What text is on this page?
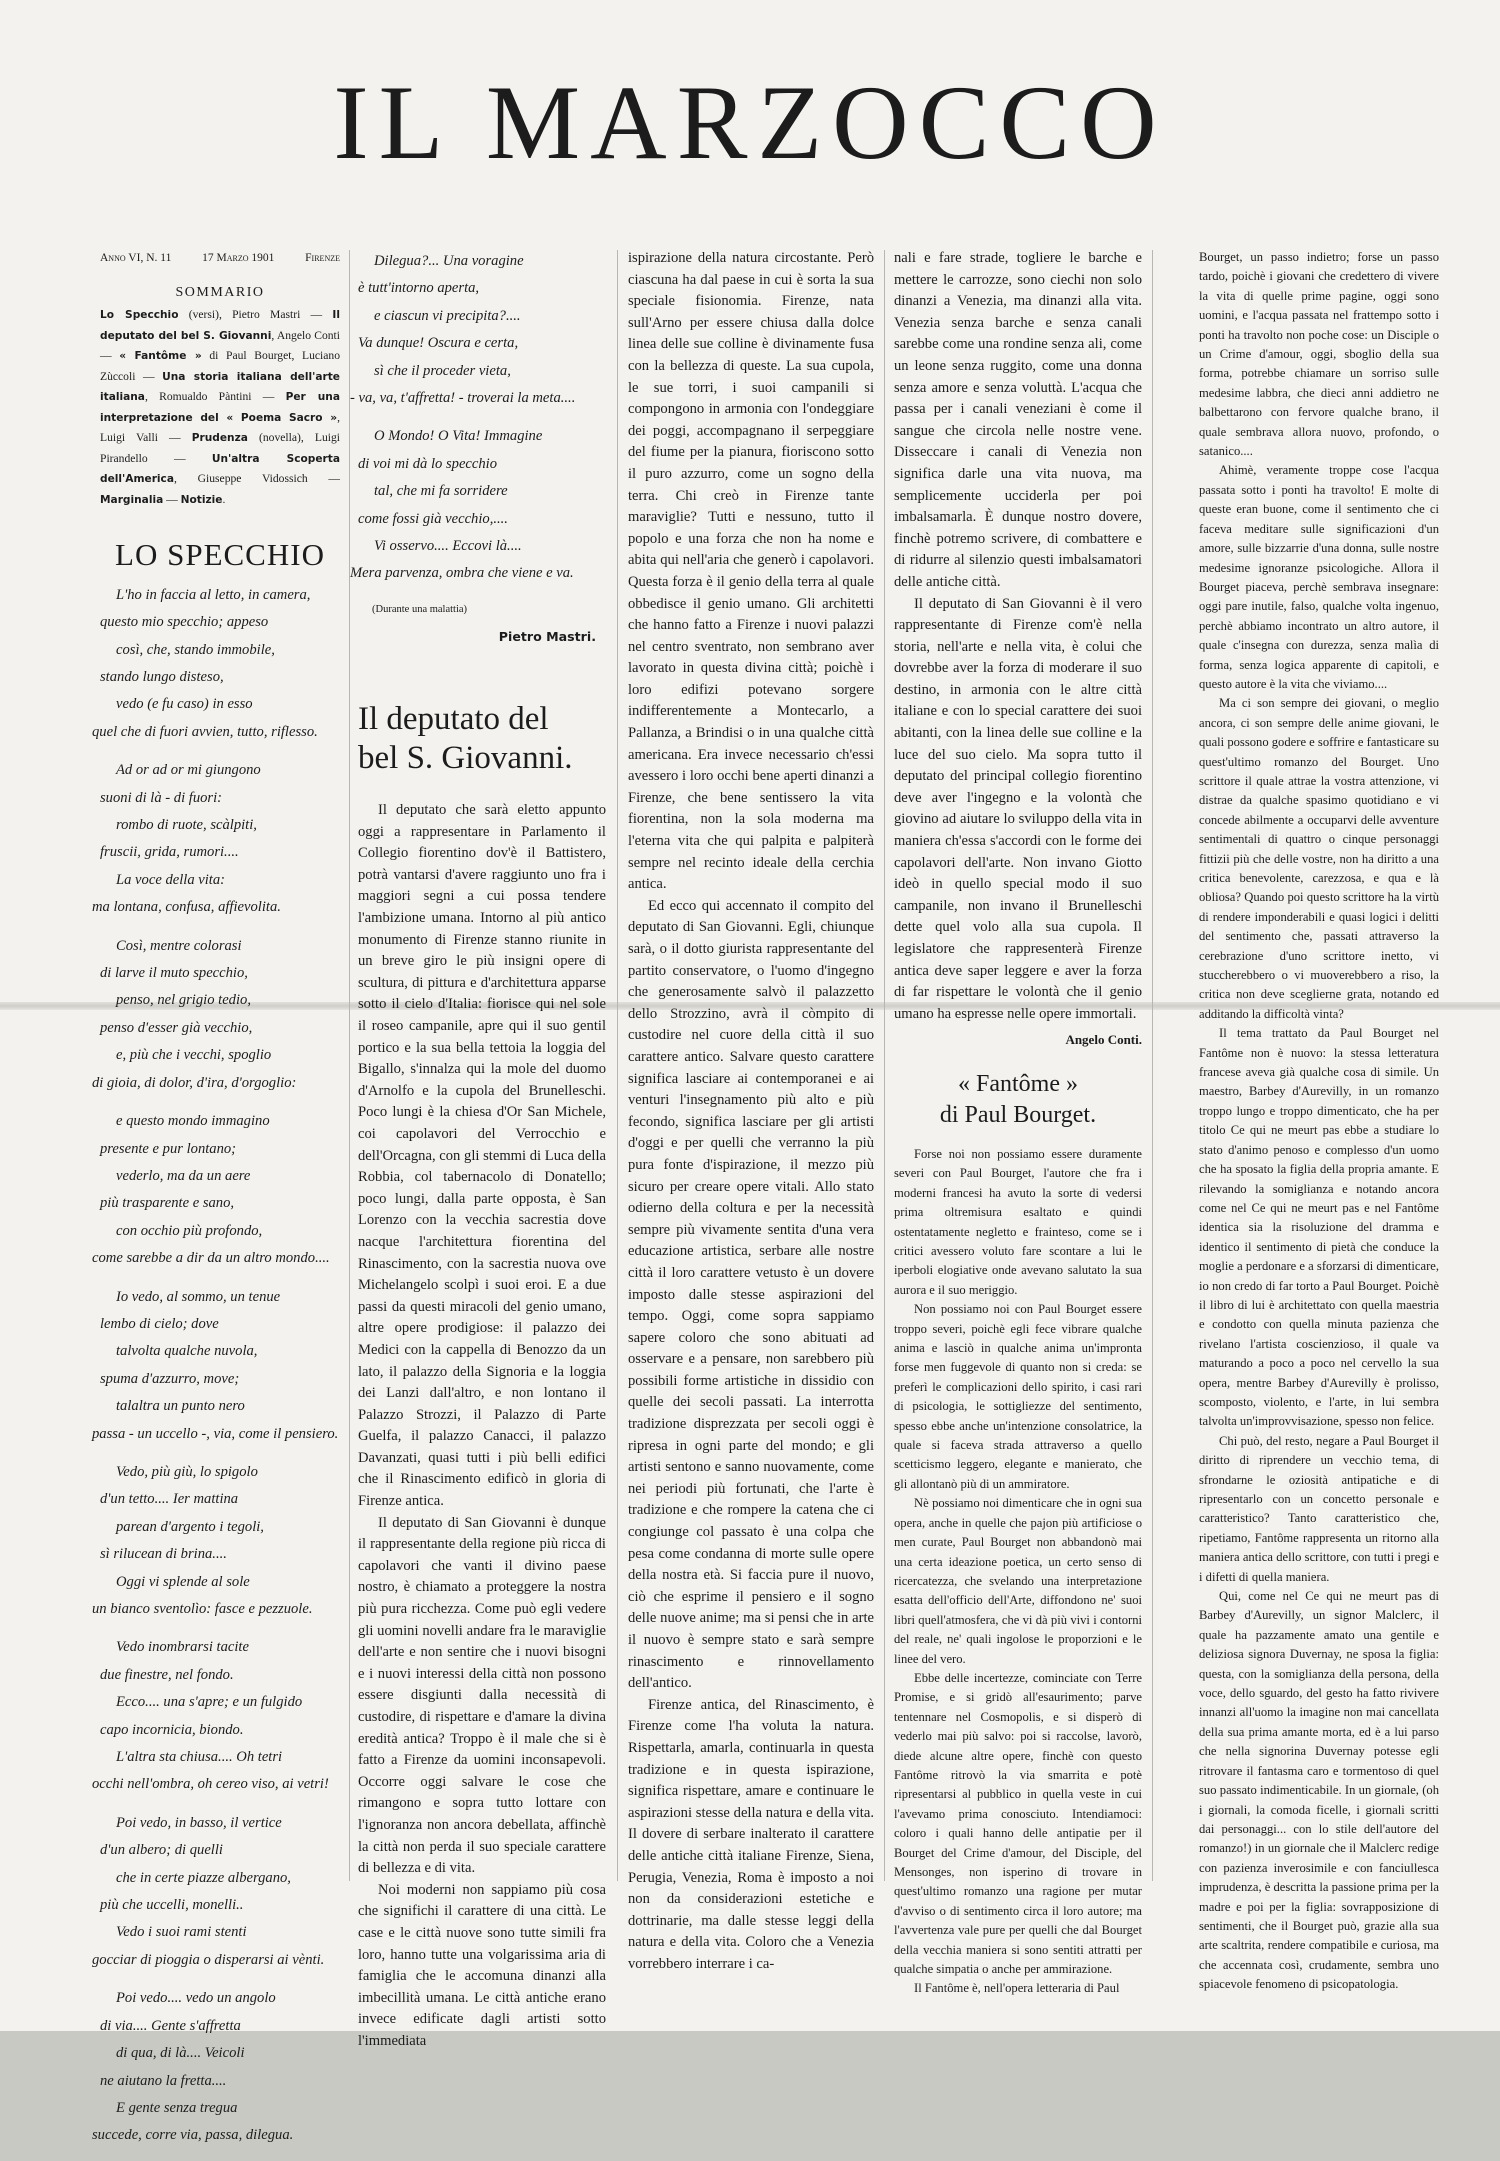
IL MARZOCCO
Anno VI, N. 11	17 Marzo 1901	Firenze
SOMMARIO
Lo Specchio (versi), Pietro Mastri — Il deputato del bel S. Giovanni, Angelo Conti — « Fantôme » di Paul Bourget, Luciano Zùccoli — Una storia italiana dell'arte italiana, Romualdo Pàntini — Per una interpretazione del « Poema Sacro », Luigi Valli — Prudenza (novella), Luigi Pirandello — Un'altra Scoperta dell'America, Giuseppe Vidossich — Marginalia — Notizie.
LO SPECCHIO
L'ho in faccia al letto, in camera,
questo mio specchio; appeso
così, che, stando immobile,
stando lungo disteso,
vedo (e fu caso) in esso
quel che di fuori avvien, tutto, riflesso.
Ad or ad or mi giungono
suoni di là - di fuori:
rombo di ruote, scàlpiti,
fruscii, grida, rumori....
La voce della vita:
ma lontana, confusa, affievolita.
Così, mentre colorasi
di larve il muto specchio,
penso, nel grigio tedio,
penso d'esser già vecchio,
e, più che i vecchi, spoglio
di gioia, di dolor, d'ira, d'orgoglio:
e questo mondo immagino
presente e pur lontano;
vederlo, ma da un aere
più trasparente e sano,
con occhio più profondo,
come sarebbe a dir da un altro mondo....
Io vedo, al sommo, un tenue
lembo di cielo; dove
talvolta qualche nuvola,
spuma d'azzurro, move;
talaltra un punto nero
passa - un uccello -, via, come il pensiero.
Vedo, più giù, lo spigolo
d'un tetto.... Ier mattina
parean d'argento i tegoli,
sì rilucean di brina....
Oggi vi splende al sole
un bianco sventolìo: fasce e pezzuole.
Vedo inombrarsi tacite
due finestre, nel fondo.
Ecco.... una s'apre; e un fulgido
capo incornicia, biondo.
L'altra sta chiusa.... Oh tetri
occhi nell'ombra, oh cereo viso, ai vetri!
Poi vedo, in basso, il vertice
d'un albero; di quelli
che in certe piazze albergano,
più che uccelli, monelli..
Vedo i suoi rami stenti
gocciar di pioggia o disperarsi ai vènti.
Poi vedo.... vedo un angolo
di via.... Gente s'affretta
di qua, di là.... Veicoli
ne aiutano la fretta....
E gente senza tregua
succede, corre via, passa, dilegua.
Dilegua?... Una voragine
è tutt'intorno aperta,
e ciascun vi precipita?....
Va dunque! Oscura e certa,
sì che il proceder vieta,
- va, va, t'affretta! - troverai la meta....
O Mondo! O Vita! Immagine
di voi mi dà lo specchio
tal, che mi fa sorridere
come fossi già vecchio,....
Vi osservo.... Eccovi là....
Mera parvenza, ombra che viene e va.
(Durante una malattia)
Pietro Mastri.
Il deputato del
bel S. Giovanni.

Il deputato che sarà eletto appunto oggi a rappresentare in Parlamento il Collegio fiorentino dov'è il Battistero, potrà vantarsi d'avere raggiunto uno fra i maggiori segni a cui possa tendere l'ambizione umana. Intorno al più antico monumento di Firenze stanno riunite in un breve giro le più insigni opere di scultura, di pittura e d'architettura apparse sotto il cielo d'Italia: fiorisce qui nel sole il roseo campanile, apre qui il suo gentil portico e la sua bella tettoia la loggia del Bigallo, s'innalza qui la mole del duomo d'Arnolfo e la cupola del Brunelleschi. Poco lungi è la chiesa d'Or San Michele, coi capolavori del Verrocchio e dell'Orcagna, con gli stemmi di Luca della Robbia, col tabernacolo di Donatello; poco lungi, dalla parte opposta, è San Lorenzo con la vecchia sacrestia dove nacque l'architettura fiorentina del Rinascimento, con la sacrestia nuova ove Michelangelo scolpì i suoi eroi. E a due passi da questi miracoli del genio umano, altre opere prodigiose: il palazzo dei Medici con la cappella di Benozzo da un lato, il palazzo della Signoria e la loggia dei Lanzi dall'altro, e non lontano il Palazzo Strozzi, il Palazzo di Parte Guelfa, il palazzo Canacci, il palazzo Davanzati, quasi tutti i più belli edifici che il Rinascimento edificò in gloria di Firenze antica.

Il deputato di San Giovanni è dunque il rappresentante della regione più ricca di capolavori che vanti il divino paese nostro, è chiamato a proteggere la nostra più pura ricchezza. Come può egli vedere gli uomini novelli andare fra le maraviglie dell'arte e non sentire che i nuovi bisogni e i nuovi interessi della città non possono essere disgiunti dalla necessità di custodire, di rispettare e d'amare la divina eredità antica? Troppo è il male che si è fatto a Firenze da uomini inconsapevoli. Occorre oggi salvare le cose che rimangono e sopra tutto lottare con l'ignoranza non ancora debellata, affinchè la città non perda il suo speciale carattere di bellezza e di vita.

Noi moderni non sappiamo più cosa che significhi il carattere di una città. Le case e le città nuove sono tutte simili fra loro, hanno tutte una volgarissima aria di famiglia che le accomuna dinanzi alla imbecillità umana. Le città antiche erano invece edificate dagli artisti sotto l'immediata

ispirazione della natura circostante. Però ciascuna ha dal paese in cui è sorta la sua speciale fisionomia. Firenze, nata sull'Arno per essere chiusa dalla dolce linea delle sue colline è divinamente fusa con la bellezza di queste. La sua cupola, le sue torri, i suoi campanili si compongono in armonia con l'ondeggiare dei poggi, accompagnano il serpeggiare del fiume per la pianura, fioriscono sotto il puro azzurro, come un sogno della terra. Chi creò in Firenze tante maraviglie? Tutti e nessuno, tutto il popolo e una forza che non ha nome e abita qui nell'aria che generò i capolavori. Questa forza è il genio della terra al quale obbediscе il genio umano. Gli architetti che hanno fatto a Firenze i nuovi palazzi nel centro sventrato, non sembrano aver lavorato in questa divina città; poichè i loro edifizi potevano sorgere indifferentemente a Montecarlo, a Pallanza, a Brindisi o in una qualche città americana. Era invece necessario ch'essi avessero i loro occhi bene aperti dinanzi a Firenze, che bene sentissero la vita fiorentina, non la sola moderna ma l'eterna vita che qui palpita e palpiterà sempre nel recinto ideale della cerchia antica.

Ed ecco qui accennato il compito del deputato di San Giovanni. Egli, chiunque sarà, o il dotto giurista rappresentante del partito conservatore, o l'uomo d'ingegno che generosamente salvò il palazzetto dello Strozzino, avrà il còmpito di custodire nel cuore della città il suo carattere antico. Salvare questo carattere significa lasciare ai contemporanei e ai venturi l'insegnamento più alto e più fecondo, significa lasciare per gli artisti d'oggi e per quelli che verranno la più pura fonte d'ispirazione, il mezzo più sicuro per creare opere vitali. Allo stato odierno della coltura e per la necessità sempre più vivamente sentita d'una vera educazione artistica, serbare alle nostre città il loro carattere vetusto è un dovere imposto dalle stesse aspirazioni del tempo. Oggi, come sopra sappiamo sapere coloro che sono abituati ad osservare e a pensare, non sarebbero più possibili forme artistiche in dissidio con quelle dei secoli passati. La interrotta tradizione disprezzata per secoli oggi è ripresa in ogni parte del mondo; e gli artisti sentono e sanno nuovamente, come nei periodi più fortunati, che l'arte è tradizione e che rompere la catena che ci congiunge col passato è una colpa che pesa come condanna di morte sulle opere della nostra età. Si faccia pure il nuovo, ciò che esprime il pensiero e il sogno delle nuove anime; ma si pensi che in arte il nuovo è sempre stato e sarà sempre rinascimento e rinnovellamento dell'antico.

Firenze antica, del Rinascimento, è Firenze come l'ha voluta la natura. Rispettarla, amarla, continuarla in questa tradizione e in questa ispirazione, significa rispettare, amare e continuare le aspirazioni stesse della natura e della vita. Il dovere di serbare inalterato il carattere delle antiche città italiane Firenze, Siena, Perugia, Venezia, Roma è imposto a noi non da considerazioni estetiche e dottrinarie, ma dalle stesse leggi della natura e della vita. Coloro che a Venezia vorrebbero interrare i ca-

nali e fare strade, togliere le barche e mettere le carrozze, sono ciechi non solo dinanzi a Venezia, ma dinanzi alla vita. Venezia senza barche e senza canali sarebbe come una rondine senza ali, come un leone senza ruggito, come una donna senza amore e senza voluttà. L'acqua che passa per i canali veneziani è come il sangue che circola nelle nostre vene. Disseccare i canali di Venezia non significa darle una vita nuova, ma semplicemente ucciderla per poi imbalsamarla. È dunque nostro dovere, finchè potremo scrivere, di combattere e di ridurre al silenzio questi imbalsamatori delle antiche città.

Il deputato di San Giovanni è il vero rappresentante di Firenze com'è nella storia, nell'arte e nella vita, è colui che dovrebbe aver la forza di moderare il suo destino, in armonia con le altre città italiane e con lo special carattere dei suoi abitanti, con la linea delle sue colline e la luce del suo cielo. Ma sopra tutto il deputato del principal collegio fiorentino deve aver l'ingegno e la volontà che giovino ad aiutare lo sviluppo della vita in maniera ch'essa s'accordi con le forme dei capolavori dell'arte. Non invano Giotto ideò in quello special modo il suo campanile, non invano il Brunelleschi dette quel volo alla sua cupola. Il legislatore che rappresenterà Firenze antica deve saper leggere e aver la forza di far rispettare le volontà che il genio umano ha espresse nelle opere immortali.

Angelo Conti.
« Fantôme »
di Paul Bourget.

Forse noi non possiamo essere duramente severi con Paul Bourget, l'autore che fra i moderni francesi ha avuto la sorte di vedersi prima oltremisura esaltato e quindi ostentatamente negletto e frainteso, come se i critici avessero voluto fare scontare a lui le iperboli elogiative onde avevano salutato la sua aurora e il suo meriggio.

Non possiamo noi con Paul Bourget essere troppo severi, poichè egli fece vibrare qualche anima e lasciò in qualche anima un'impronta forse men fuggevole di quanto non si creda: se preferì le complicazioni dello spirito, i casi rari di psicologia, le sottigliezze del sentimento, spesso ebbe anche un'intenzione consolatrice, la quale si faceva strada attraverso a quello scetticismo leggero, elegante e manierato, che gli allontanò più di un ammiratore.

Nè possiamo noi dimenticare che in ogni sua opera, anche in quelle che pajon più artificiose o men curate, Paul Bourget non abbandonò mai una certa ideazione poetica, un certo senso di ricercatezza, che svelando una interpretazione esatta dell'officio dell'Arte, diffondono ne' suoi libri quell'atmosfera, che vi dà più vivi i contorni del reale, ne' quali ingolose le proporzioni e le linee del vero.

Ebbe delle incertezze, cominciate con Terre Promise, e si gridò all'esaurimento; parve tentennare nel Cosmopolis, e si disperò di vederlo mai più salvo: poi si raccolse, lavorò, diede alcune altre opere, finchè con questo Fantôme ritrovò la via smarrita e potè ripresentarsi al pubblico in quella veste in cui l'avevamo prima conosciuto. Intendiamoci: coloro i quali hanno delle antipatie per il Bourget del Crime d'amour, del Disciple, del Mensonges, non isperino di trovare in quest'ultimo romanzo una ragione per mutar d'avviso o di sentimento circa il loro autore; ma l'avvertenza vale pure per quelli che dal Bourget della vecchia maniera si sono sentiti attratti per qualche simpatia o anche per ammirazione.

Il Fantôme è, nell'opera letteraria di Paul

Bourget, un passo indietro; forse un passo tardo, poichè i giovani che credettero di vivere la vita di quelle prime pagine, oggi sono uomini, e l'acqua passata nel frattempo sotto i ponti ha travolto non poche cose: un Disciple o un Crime d'amour, oggi, sboglio della sua forma, potrebbe chiamare un sorriso sulle medesime labbra, che dieci anni addietro ne balbettarono con fervore qualche brano, il quale sembrava allora nuovo, profondo, o satanico....

Ahimè, veramente troppe cose l'acqua passata sotto i ponti ha travolto! E molte di queste eran buone, come il sentimento che ci faceva meditare sulle significazioni d'un amore, sulle bizzarrie d'una donna, sulle nostre medesime ignoranze psicologiche. Allora il Bourget piaceva, perchè sembrava insegnare: oggi pare inutile, falso, qualche volta ingenuo, perchè abbiamo incontrato un altro autore, il quale c'insegna con durezza, senza malìa di forma, senza logica apparente di capitoli, e questo autore è la vita che viviamo....

Ma ci son sempre dei giovani, o meglio ancora, ci son sempre delle anime giovani, le quali possono godere e soffrire e fantasticare su quest'ultimo romanzo del Bourget. Uno scrittore il quale attrae la vostra attenzione, vi distrae da qualche spasimo quotidiano e vi concede abilmente a occuparvi delle avventure sentimentali di quattro o cinque personaggi fittizii più che delle vostre, non ha diritto a una critica benevolente, carezzosa, e qua e là obliosa? Quando poi questo scrittore ha la virtù di rendere imponderabili e quasi logici i delitti del sentimento che, passati attraverso la cerebrazione d'uno scrittore inetto, vi stuccherebbero o vi muoverebbero a riso, la critica non deve sceglierne grata, notando ed additando la difficoltà vinta?

Il tema trattato da Paul Bourget nel Fantôme non è nuovo: la stessa letteratura francese aveva già qualche cosa di simile. Un maestro, Barbey d'Aurevilly, in un romanzo troppo lungo e troppo dimenticato, che ha per titolo Ce qui ne meurt pas ebbe a studiare lo stato d'animo penoso e complesso d'un uomo che ha sposato la figlia della propria amante. E rilevando la somiglianza e notando ancora come nel Ce qui ne meurt pas e nel Fantôme identica sia la risoluzione del dramma e identico il sentimento di pietà che conduce la moglie a perdonare e a sforzarsi di dimenticare, io non credo di far torto a Paul Bourget. Poichè il libro di lui è architettato con quella maestria e condotto con quella minuta pazienza che rivelano l'artista coscienzioso, il quale va maturando a poco a poco nel cervello la sua opera, mentre Barbey d'Aurevilly è prolisso, scomposto, violento, e l'arte, in lui sembra talvolta un'improvvisazione, spesso non felice.

Chi può, del resto, negare a Paul Bourget il diritto di riprendere un vecchio tema, di sfrondarne le oziosità antipatiche e di ripresentarlo con un concetto personale e caratteristico? Tanto caratteristico che, ripetiamo, Fantôme rappresenta un ritorno alla maniera antica dello scrittore, con tutti i pregi e i difetti di quella maniera.

Qui, come nel Ce qui ne meurt pas di Barbey d'Aurevilly, un signor Malclerc, il quale ha pazzamente amato una gentile e deliziosa signora Duvernay, ne sposa la figlia: questa, con la somiglianza della persona, della voce, dello sguardo, del gesto ha fatto rivivere innanzi all'uomo la imagine non mai cancellata della sua prima amante morta, ed è a lui parso che nella signorina Duvernay potesse egli ritrovare il fantasma caro e tormentoso di quel suo passato indimenticabile. In un giornale, (oh i giornali, la comoda ficelle, i giornali scritti dai personaggi... con lo stile dell'autore del romanzo!) in un giornale che il Malclerc redige con pazienza inverosimile e con fanciullesca imprudenza, è descritta la passione prima per la madre e poi per la figlia: sovrapposizione di sentimenti, che il Bourget può, grazie alla sua arte scaltrita, rendere compatibile e curiosa, ma che accennata così, crudamente, sembra uno spiacevole fenomeno di psicopatologia.
